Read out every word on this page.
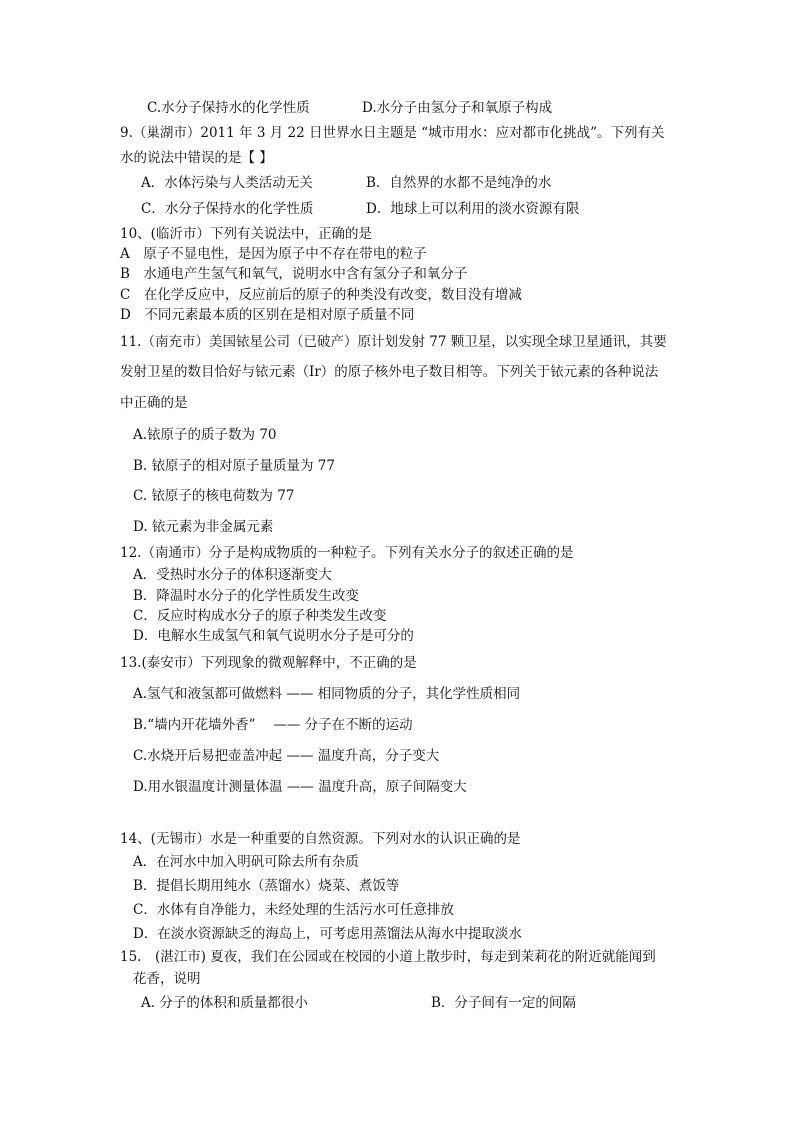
C.水分子保持水的化学性质	D.水分子由氢分子和氧原子构成
9.（巢湖市）2011 年 3 月 22 日世界水日主题是 “城市用水：应对都市化挑战”。下列有关
水的说法中错误的是【 】
A．水体污染与人类活动无关	B．自然界的水都不是纯净的水
C．水分子保持水的化学性质	D．地球上可以利用的淡水资源有限
10、(临沂市）下列有关说法中，正确的是
A　原子不显电性，是因为原子中不存在带电的粒子
B　水通电产生氢气和氧气，说明水中含有氢分子和氧分子
C　在化学反应中，反应前后的原子的种类没有改变，数目没有增减
D　不同元素最本质的区别在是相对原子质量不同
11.（南充市）美国铱星公司（已破产）原计划发射 77 颗卫星，以实现全球卫星通讯，其要
发射卫星的数目恰好与铱元素（Ir）的原子核外电子数目相等。下列关于铱元素的各种说法
中正确的是
A.铱原子的质子数为 70
B. 铱原子的相对原子量质量为 77
C. 铱原子的核电荷数为 77
D. 铱元素为非金属元素
12.（南通市）分子是构成物质的一种粒子。下列有关水分子的叙述正确的是
A．受热时水分子的体积逐渐变大
B．降温时水分子的化学性质发生改变
C．反应时构成水分子的原子种类发生改变
D．电解水生成氢气和氧气说明水分子是可分的
13.(泰安市）下列现象的微观解释中，不正确的是
A.氢气和液氢都可做燃料 —— 相同物质的分子，其化学性质相同
B.“墙内开花墙外香”　 —— 分子在不断的运动
C.水烧开后易把壶盖冲起 —— 温度升高，分子变大
D.用水银温度计测量体温 —— 温度升高，原子间隔变大
14、(无锡市）水是一种重要的自然资源。下列对水的认识正确的是
A．在河水中加入明矾可除去所有杂质
B．提倡长期用纯水（蒸馏水）烧菜、煮饭等
C．水体有自净能力，未经处理的生活污水可任意排放
D．在淡水资源缺乏的海岛上，可考虑用蒸馏法从海水中提取淡水
15.　(湛江市) 夏夜，我们在公园或在校园的小道上散步时，每走到茉莉花的附近就能闻到
花香，说明
A. 分子的体积和质量都很小	B．分子间有一定的间隔
